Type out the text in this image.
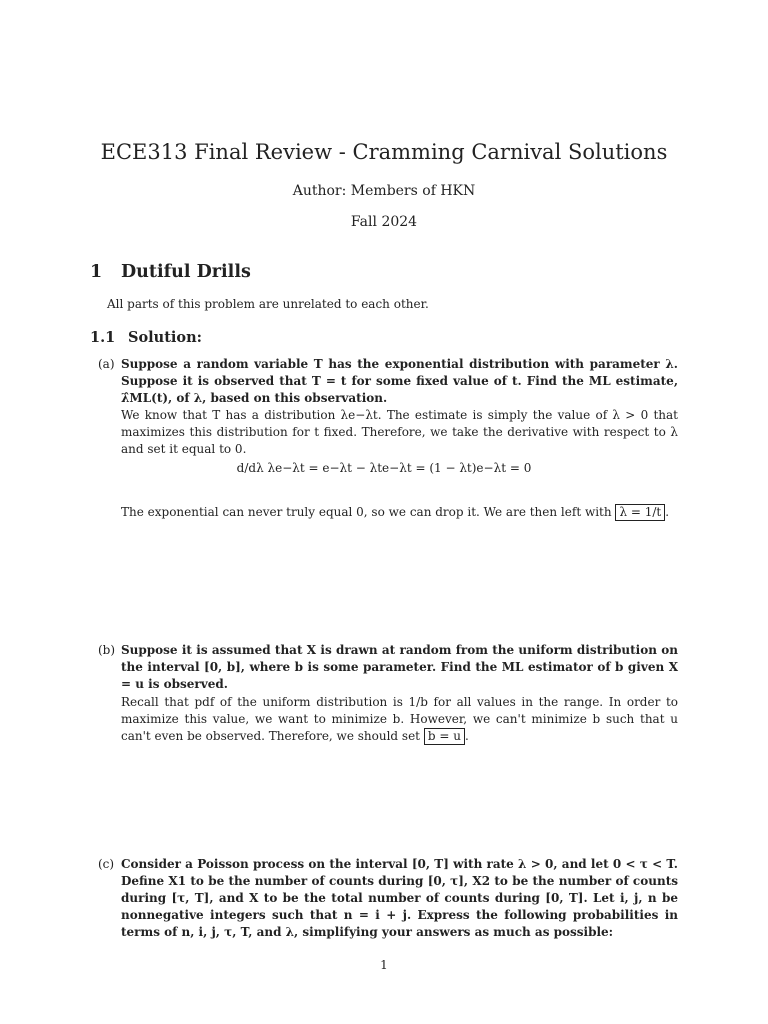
ECE313 Final Review - Cramming Carnival Solutions
Author: Members of HKN
Fall 2024
1 Dutiful Drills
All parts of this problem are unrelated to each other.
1.1 Solution:
(a) Suppose a random variable T has the exponential distribution with parameter λ. Suppose it is observed that T = t for some fixed value of t. Find the ML estimate, λ̂ML(t), of λ, based on this observation.
We know that T has a distribution λe−λt. The estimate is simply the value of λ > 0 that maximizes this distribution for t fixed. Therefore, we take the derivative with respect to λ and set it equal to 0.
d/dλ λe−λt = e−λt − λte−λt = (1 − λt)e−λt = 0
The exponential can never truly equal 0, so we can drop it. We are then left with λ = 1/t .
(b) Suppose it is assumed that X is drawn at random from the uniform distribution on the interval [0, b], where b is some parameter. Find the ML estimator of b given X = u is observed.
Recall that pdf of the uniform distribution is 1/b for all values in the range. In order to maximize this value, we want to minimize b. However, we can't minimize b such that u can't even be observed. Therefore, we should set b = u .
(c) Consider a Poisson process on the interval [0, T] with rate λ > 0, and let 0 < τ < T. Define X1 to be the number of counts during [0, τ], X2 to be the number of counts during [τ, T], and X to be the total number of counts during [0, T]. Let i, j, n be nonnegative integers such that n = i + j. Express the following probabilities in terms of n, i, j, τ, T, and λ, simplifying your answers as much as possible:
1
